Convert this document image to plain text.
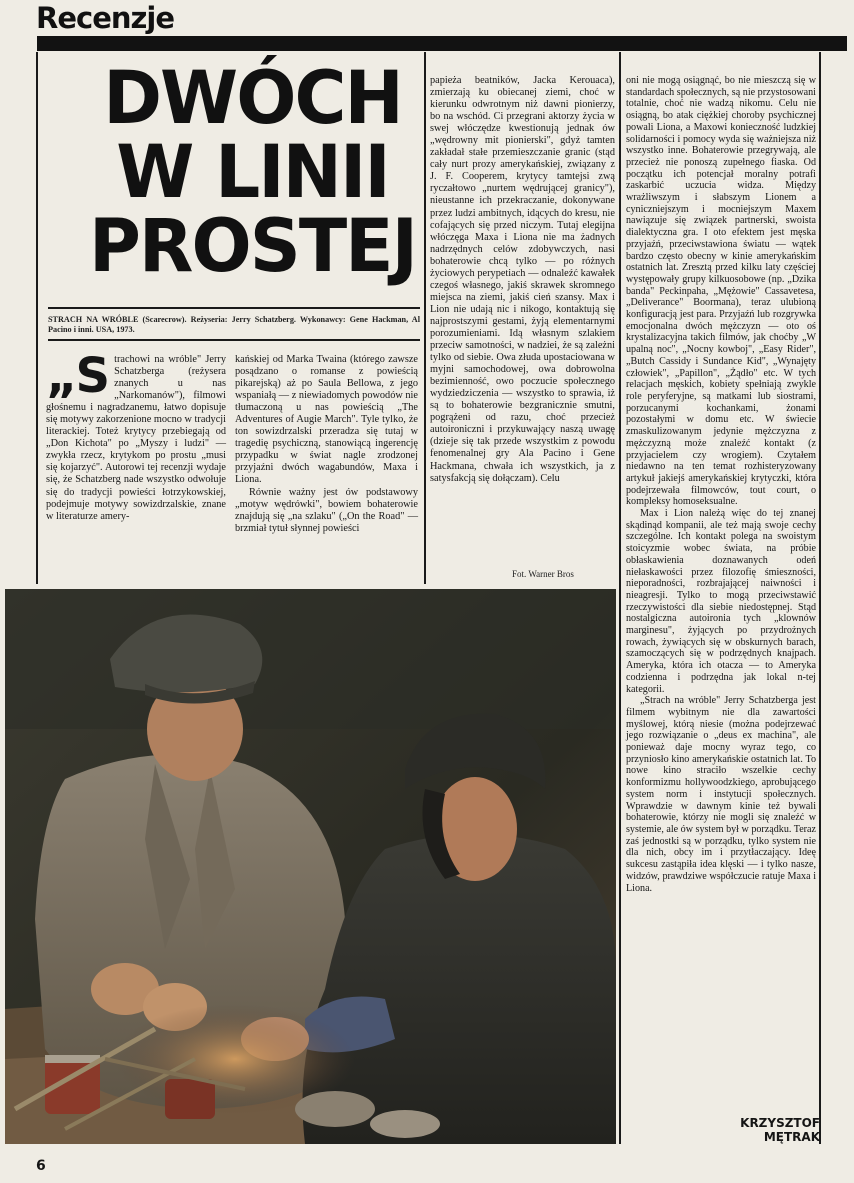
Recenzje
DWÓCH
W LINII
PROSTEJ
STRACH NA WRÓBLE (Scarecrow). Reżyseria: Jerry Schatzberg. Wykonawcy: Gene Hackman, Al Pacino i inni. USA, 1973.

„Strachowi na wróble" Jerry Schatzberga (reżysera znanych u nas „Narkomanów"), filmowi głośnemu i nagradzanemu, łatwo dopisuje się motywy zakorzenione mocno w tradycji literackiej. Toteż krytycy przebiegają od „Don Kichota" po „Myszy i ludzi" — zwykła rzecz, krytykom po prostu „musi się kojarzyć". Autorowi tej recenzji wydaje się, że Schatzberg nade wszystko odwołuje się do tradycji powieści łotrzykowskiej, podejmuje motywy sowizdrzalskie, znane w literaturze amery-

kańskiej od Marka Twaina (którego zawsze posądzano o romanse z powieścią pikarejską) aż po Saula Bellowa, z jego wspaniałą — z niewiadomych powodów nie tłumaczoną u nas powieścią „The Adventures of Augie March". Tyle tylko, że ton sowizdrzalski przeradza się tutaj w tragedię psychiczną, stanowiącą ingerencję przypadku w świat nagle zrodzonej przyjaźni dwóch wagabundów, Maxa i Liona.

Równie ważny jest ów podstawowy „motyw wędrówki", bowiem bohaterowie znajdują się „na szlaku" („On the Road" — brzmiał tytuł słynnej powieści

papieża beatników, Jacka Kerouaca), zmierzają ku obiecanej ziemi, choć w kierunku odwrotnym niż dawni pionierzy, bo na wschód. Ci przegrani aktorzy życia w swej włóczędze kwestionują jednak ów „wędrowny mit pionierski", gdyż tamten zakładał stałe przemieszczanie granic (stąd cały nurt prozy amerykańskiej, związany z J. F. Cooperem, krytycy tamtejsi zwą ryczałtowo „nurtem wędrującej granicy"), nieustanne ich przekraczanie, dokonywane przez ludzi ambitnych, idących do kresu, nie cofających się przed niczym. Tutaj elegijna włóczęga Maxa i Liona nie ma żadnych nadrzędnych celów zdobywczych, nasi bohaterowie chcą tylko — po różnych życiowych perypetiach — odnaleźć kawałek czegoś własnego, jakiś skrawek skromnego miejsca na ziemi, jakiś cień szansy. Max i Lion nie udają nic i nikogo, kontaktują się najprostszymi gestami, żyją elementarnymi porozumieniami. Idą własnym szlakiem przeciw samotności, w nadziei, że są zależni tylko od siebie. Owa złuda upostaciowana w myjni samochodowej, owa dobrowolna bezimienność, owo poczucie społecznego wydziedziczenia — wszystko to sprawia, iż są to bohaterowie bezgranicznie smutni, pogrążeni od razu, choć przecież autoironiczni i przykuwający naszą uwagę (dzieje się tak przede wszystkim z powodu fenomenalnej gry Ala Pacino i Gene Hackmana, chwała ich wszystkich, ja z satysfakcją się dołączam). Celu

Fot. Warner Bros

oni nie mogą osiągnąć, bo nie mieszczą się w standardach społecznych, są nie przystosowani totalnie, choć nie wadzą nikomu. Celu nie osiągną, bo atak ciężkiej choroby psychicznej powali Liona, a Maxowi konieczność ludzkiej solidarności i pomocy wyda się ważniejsza niż wszystko inne. Bohaterowie przegrywają, ale przecież nie ponoszą zupełnego fiaska. Od początku ich potencjał moralny potrafi zaskarbić uczucia widza. Między wrażliwszym i słabszym Lionem a cyniczniejszym i mocniejszym Maxem nawiązuje się związek partnerski, swoista dialektyczna gra. I oto efektem jest męska przyjaźń, przeciwstawiona światu — wątek bardzo często obecny w kinie amerykańskim ostatnich lat. Zresztą przed kilku laty częściej występowały grupy kilkuosobowe (np. „Dzika banda" Peckinpaha, „Mężowie" Cassavetesa, „Deliverance" Boormana), teraz ulubioną konfiguracją jest para. Przyjaźń lub rozgrywka emocjonalna dwóch mężczyzn — oto oś krystalizacyjna takich filmów, jak choćby „W upalną noc", „Nocny kowboj", „Easy Rider", „Butch Cassidy i Sundance Kid", „Wynajęty człowiek", „Papillon", „Żądło" etc. W tych relacjach męskich, kobiety spełniają zwykle role peryferyjne, są matkami lub siostrami, porzucanymi kochankami, żonami pozostałymi w domu etc. W świecie zmaskulizowanym jedynie mężczyzna z mężczyzną może znaleźć kontakt (z przyjacielem czy wrogiem). Czytałem niedawno na ten temat rozhisteryzowany artykuł jakiejś amerykańskiej krytyczki, która podejrzewała filmowców, tout court, o kompleksy homoseksualne.

Max i Lion należą więc do tej znanej skądinąd kompanii, ale też mają swoje cechy szczególne. Ich kontakt polega na swoistym stoicyzmie wobec świata, na próbie obłaskawienia doznawanych odeń niełaskawości przez filozofię śmieszności, nieporadności, rozbrajającej naiwności i nieagresji. Tylko to mogą przeciwstawić rzeczywistości dla siebie niedostępnej. Stąd nostalgiczna autoironia tych „klownów marginesu", żyjących po przydrożnych rowach, żywiących się w obskurnych barach, szamoczących się w podrzędnych knajpach. Ameryka, która ich otacza — to Ameryka codzienna i podrzędna jak lokal n-tej kategorii.

„Strach na wróble" Jerry Schatzberga jest filmem wybitnym nie dla zawartości myślowej, którą niesie (można podejrzewać jego rozwiązanie o „deus ex machina", ale ponieważ daje mocny wyraz tego, co przyniosło kino amerykańskie ostatnich lat. To nowe kino straciło wszelkie cechy konformizmu hollywoodzkiego, aprobującego system norm i instytucji społecznych. Wprawdzie w dawnym kinie też bywali bohaterowie, którzy nie mogli się znaleźć w systemie, ale ów system był w porządku. Teraz zaś jednostki są w porządku, tylko system nie dla nich, obcy im i przytłaczający. Ideę sukcesu zastąpiła idea klęski — i tylko nasze, widzów, prawdziwe współczucie ratuje Maxa i Liona.

KRZYSZTOF
MĘTRAK
6
